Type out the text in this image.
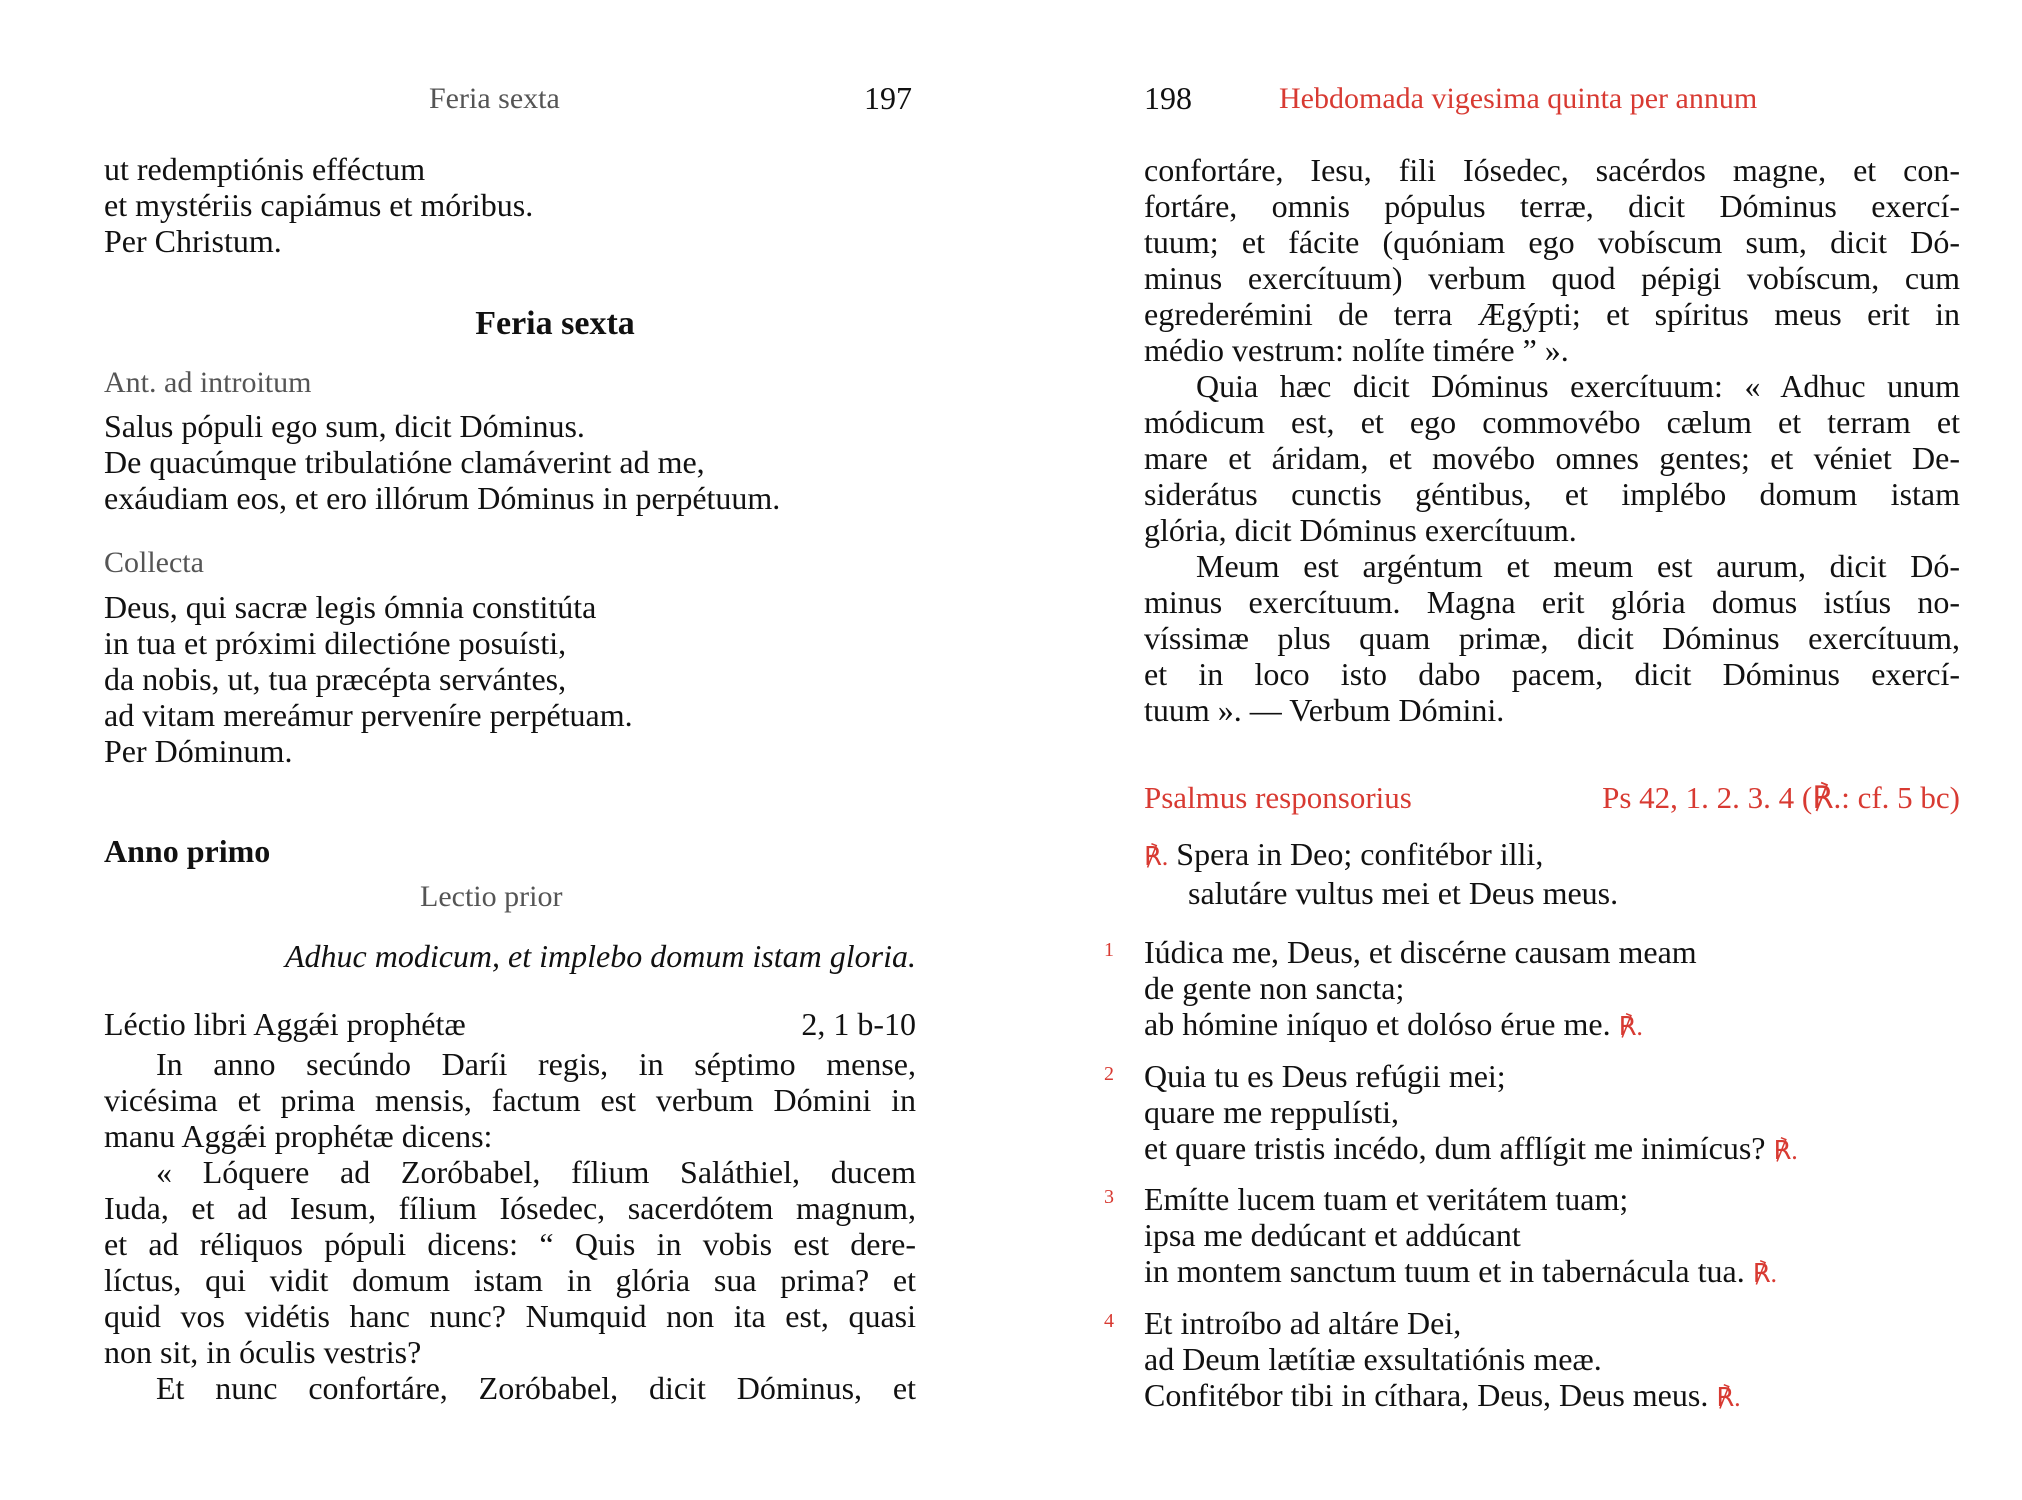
Feria sexta	197
ut redemptiónis efféctum
et mystériis capiámus et móribus.
Per Christum.
Feria sexta
Ant. ad introitum
Salus pópuli ego sum, dicit Dóminus.
De quacúmque tribulatióne clamáverint ad me,
exáudiam eos, et ero illórum Dóminus in perpétuum.
Collecta
Deus, qui sacræ legis ómnia constitúta
in tua et próximi dilectióne posuísti,
da nobis, ut, tua præcépta servántes,
ad vitam mereámur perveníre perpétuam.
Per Dóminum.
Anno primo
Lectio prior
Adhuc modicum, et implebo domum istam gloria.
Léctio libri Aggǽi prophétæ	2, 1 b-10
In anno secúndo Daríi regis, in séptimo mense,
vicésima et prima mensis, factum est verbum Dómini in
manu Aggǽi prophétæ dicens:
« Lóquere ad Zoróbabel, fílium Saláthiel, ducem
Iuda, et ad Iesum, fílium Iósedec, sacerdótem magnum,
et ad réliquos pópuli dicens: “ Quis in vobis est dere-
líctus, qui vidit domum istam in glória sua prima? et
quid vos vidétis hanc nunc? Numquid non ita est, quasi
non sit, in óculis vestris?
Et nunc confortáre, Zoróbabel, dicit Dóminus, et
198	Hebdomada vigesima quinta per annum
confortáre, Iesu, fili Iósedec, sacérdos magne, et con-
fortáre, omnis pópulus terræ, dicit Dóminus exercí-
tuum; et fácite (quóniam ego vobíscum sum, dicit Dó-
minus exercítuum) verbum quod pépigi vobíscum, cum
egrederémini de terra Ægýpti; et spíritus meus erit in
médio vestrum: nolíte timére ” ».
Quia hæc dicit Dóminus exercítuum: « Adhuc unum
módicum est, et ego commovébo cælum et terram et
mare et áridam, et movébo omnes gentes; et véniet De-
siderátus cunctis géntibus, et implébo domum istam
glória, dicit Dóminus exercítuum.
Meum est argéntum et meum est aurum, dicit Dó-
minus exercítuum. Magna erit glória domus istíus no-
víssimæ plus quam primæ, dicit Dóminus exercítuum,
et in loco isto dabo pacem, dicit Dóminus exercí-
tuum ». — Verbum Dómini.
Psalmus responsorius	Ps 42, 1. 2. 3. 4 (℟.: cf. 5 bc)
℟. Spera in Deo; confitébor illi,
salutáre vultus mei et Deus meus.
1 Iúdica me, Deus, et discérne causam meam
de gente non sancta;
ab hómine iníquo et dolóso érue me. ℟.
2 Quia tu es Deus refúgii mei;
quare me reppulísti,
et quare tristis incédo, dum afflígit me inimícus? ℟.
3 Emítte lucem tuam et veritátem tuam;
ipsa me dedúcant et addúcant
in montem sanctum tuum et in tabernácula tua. ℟.
4 Et introíbo ad altáre Dei,
ad Deum lætítiæ exsultatiónis meæ.
Confitébor tibi in cíthara, Deus, Deus meus. ℟.
